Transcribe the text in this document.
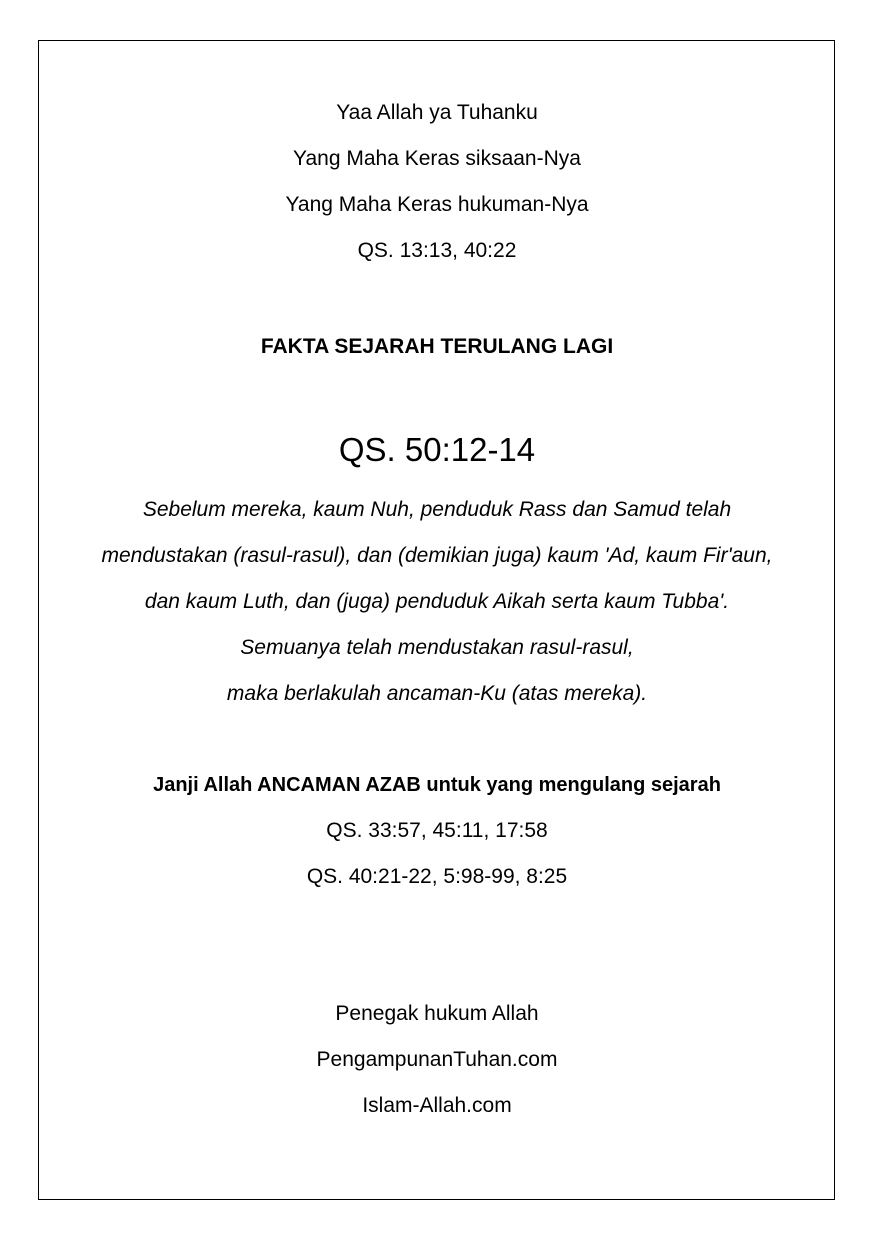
Yaa Allah ya Tuhanku
Yang Maha Keras siksaan-Nya
Yang Maha Keras hukuman-Nya
QS. 13:13, 40:22
FAKTA SEJARAH TERULANG LAGI
QS. 50:12-14
Sebelum mereka, kaum Nuh, penduduk Rass dan Samud telah
mendustakan (rasul-rasul), dan (demikian juga) kaum 'Ad, kaum Fir'aun,
dan kaum Luth, dan (juga) penduduk Aikah serta kaum Tubba'.
Semuanya telah mendustakan rasul-rasul,
maka berlakulah ancaman-Ku (atas mereka).
Janji Allah ANCAMAN AZAB untuk yang mengulang sejarah
QS. 33:57, 45:11, 17:58
QS. 40:21-22, 5:98-99, 8:25
Penegak hukum Allah
PengampunanTuhan.com
Islam-Allah.com
